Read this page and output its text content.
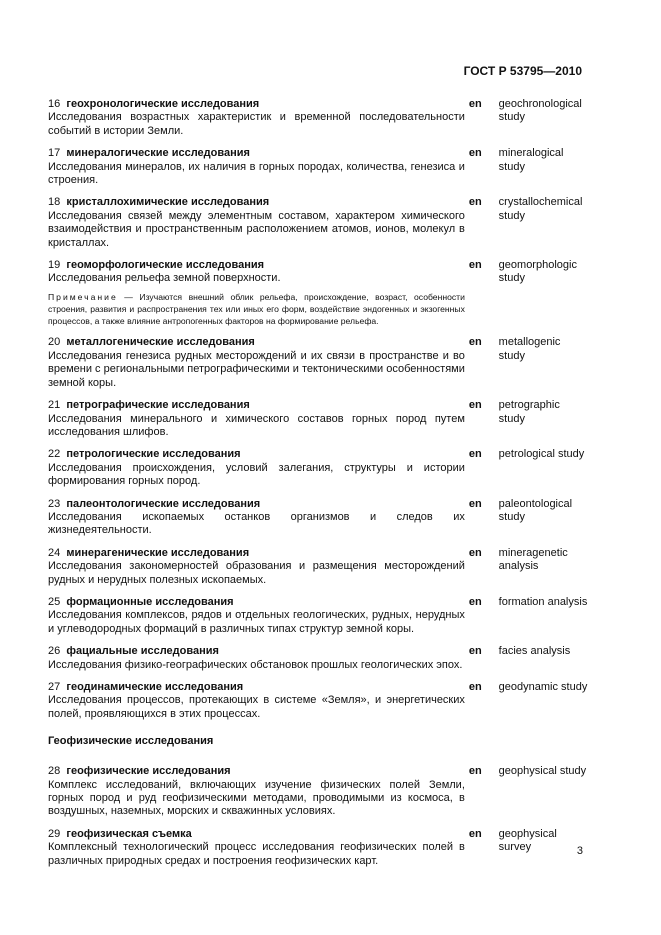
ГОСТ Р 53795—2010
16 геохронологические исследования
Исследования возрастных характеристик и временной последовательности событий в истории Земли.
en	geochronological study
17 минералогические исследования
Исследования минералов, их наличия в горных породах, количества, генезиса и строения.
en	mineralogical study
18 кристаллохимические исследования
Исследования связей между элементным составом, характером химического взаимодействия и пространственным расположением атомов, ионов, молекул в кристаллах.
en	crystallochemical study
19 геоморфологические исследования
Исследования рельефа земной поверхности.
Примечание — Изучаются внешний облик рельефа, происхождение, возраст, особенности строения, развития и распространения тех или иных его форм, воздействие эндогенных и экзогенных процессов, а также влияние антропогенных факторов на формирование рельефа.
en	geomorphologic study
20 металлогенические исследования
Исследования генезиса рудных месторождений и их связи в пространстве и во времени с региональными петрографическими и тектоническими особенностями земной коры.
en	metallogenic study
21 петрографические исследования
Исследования минерального и химического составов горных пород путем исследования шлифов.
en	petrographic study
22 петрологические исследования
Исследования происхождения, условий залегания, структуры и истории формирования горных пород.
en	petrological study
23 палеонтологические исследования
Исследования ископаемых останков организмов и следов их жизнедеятельности.
en	paleontological study
24 минерагенические исследования
Исследования закономерностей образования и размещения месторождений рудных и нерудных полезных ископаемых.
en	mineragenetic analysis
25 формационные исследования
Исследования комплексов, рядов и отдельных геологических, рудных, нерудных и углеводородных формаций в различных типах структур земной коры.
en	formation analysis
26 фациальные исследования
Исследования физико-географических обстановок прошлых геологических эпох.
en	facies analysis
27 геодинамические исследования
Исследования процессов, протекающих в системе «Земля», и энергетических полей, проявляющихся в этих процессах.
en	geodynamic study
Геофизические исследования
28 геофизические исследования
Комплекс исследований, включающих изучение физических полей Земли, горных пород и руд геофизическими методами, проводимыми из космоса, в воздушных, наземных, морских и скважинных условиях.
en	geophysical study
29 геофизическая съемка
Комплексный технологический процесс исследования геофизических полей в различных природных средах и построения геофизических карт.
en	geophysical survey	3
